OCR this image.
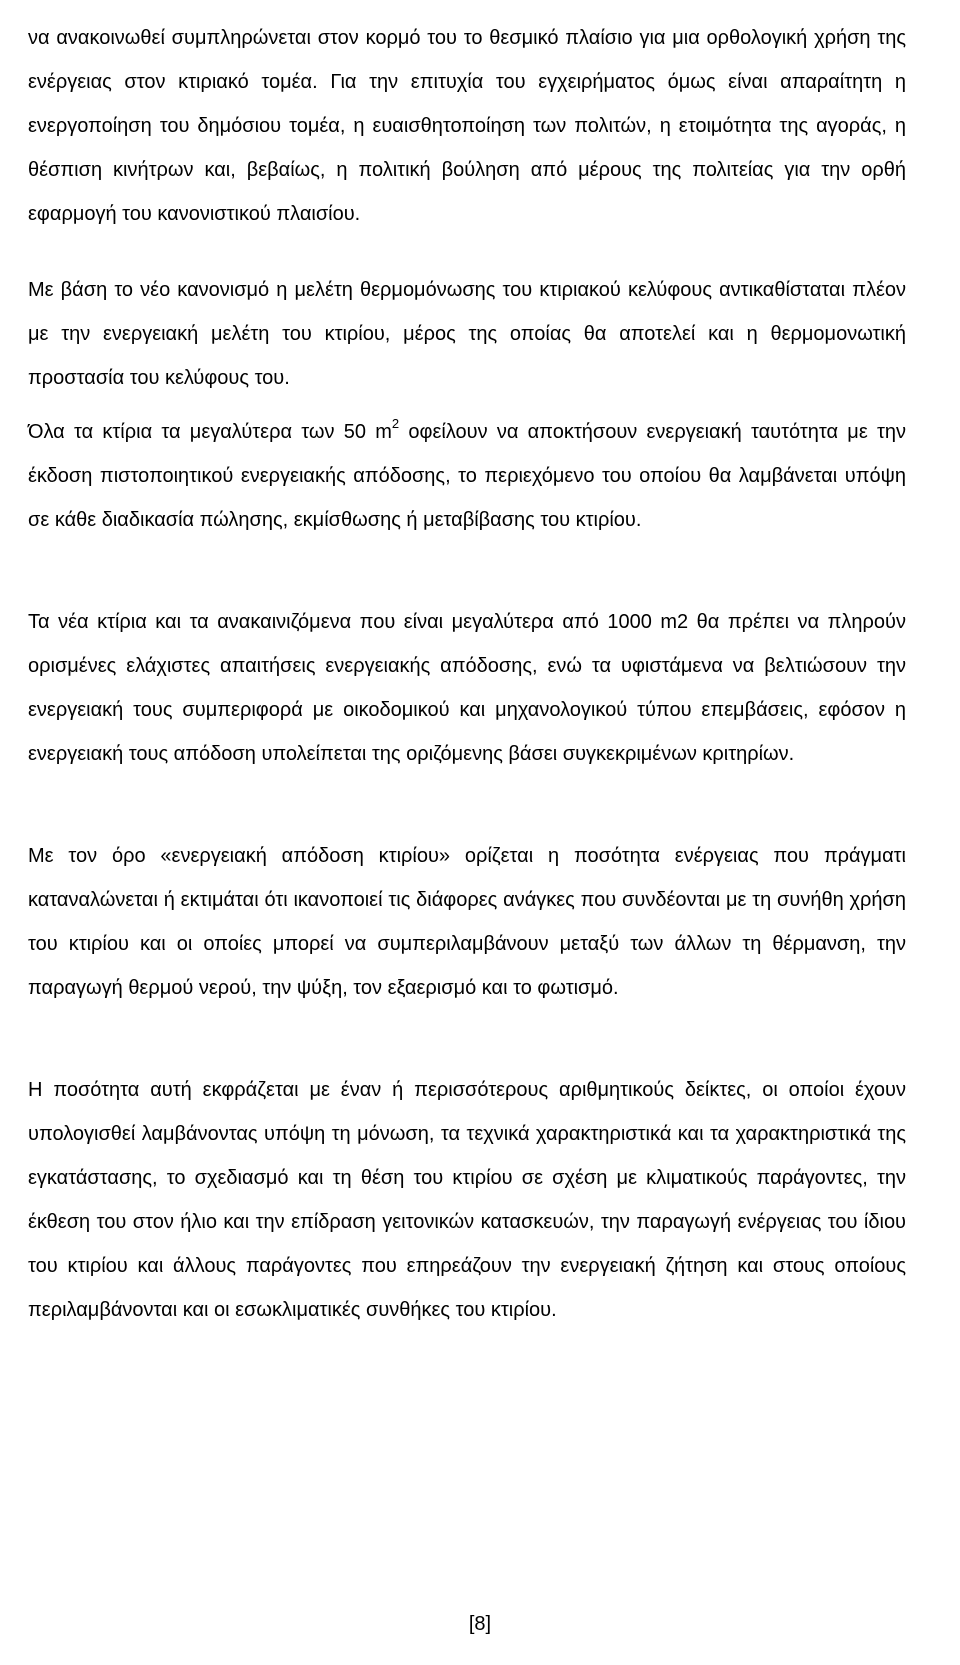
να ανακοινωθεί συμπληρώνεται στον κορμό του το θεσμικό πλαίσιο για μια ορθολογική χρήση της ενέργειας στον κτιριακό τομέα. Για την επιτυχία του εγχειρήματος όμως είναι απαραίτητη η ενεργοποίηση του δημόσιου τομέα, η ευαισθητοποίηση των πολιτών, η ετοιμότητα της αγοράς, η θέσπιση κινήτρων και, βεβαίως, η πολιτική βούληση από μέρους της πολιτείας για την ορθή εφαρμογή του κανονιστικού πλαισίου.

Με βάση το νέο κανονισμό η μελέτη θερμομόνωσης του κτιριακού κελύφους αντικαθίσταται πλέον με την ενεργειακή μελέτη του κτιρίου, μέρος της οποίας θα αποτελεί και η θερμομονωτική προστασία του κελύφους του.

Όλα τα κτίρια τα μεγαλύτερα των 50 $m^2$ οφείλουν να αποκτήσουν ενεργειακή ταυτότητα με την έκδοση πιστοποιητικού ενεργειακής απόδοσης, το περιεχόμενο του οποίου θα λαμβάνεται υπόψη σε κάθε διαδικασία πώλησης, εκμίσθωσης ή μεταβίβασης του κτιρίου.

Τα νέα κτίρια και τα ανακαινιζόμενα που είναι μεγαλύτερα από 1000 m2 θα πρέπει να πληρούν ορισμένες ελάχιστες απαιτήσεις ενεργειακής απόδοσης, ενώ τα υφιστάμενα να βελτιώσουν την ενεργειακή τους συμπεριφορά με οικοδομικού και μηχανολογικού τύπου επεμβάσεις, εφόσον η ενεργειακή τους απόδοση υπολείπεται της οριζόμενης βάσει συγκεκριμένων κριτηρίων.

Με τον όρο «ενεργειακή απόδοση κτιρίου» ορίζεται η ποσότητα ενέργειας που πράγματι καταναλώνεται ή εκτιμάται ότι ικανοποιεί τις διάφορες ανάγκες που συνδέονται με τη συνήθη χρήση του κτιρίου και οι οποίες μπορεί να συμπεριλαμβάνουν μεταξύ των άλλων τη θέρμανση, την παραγωγή θερμού νερού, την ψύξη, τον εξαερισμό και το φωτισμό.

Η ποσότητα αυτή εκφράζεται με έναν ή περισσότερους αριθμητικούς δείκτες, οι οποίοι έχουν υπολογισθεί λαμβάνοντας υπόψη τη μόνωση, τα τεχνικά χαρακτηριστικά και τα χαρακτηριστικά της εγκατάστασης, το σχεδιασμό και τη θέση του κτιρίου σε σχέση με κλιματικούς παράγοντες, την έκθεση του στον ήλιο και την επίδραση γειτονικών κατασκευών, την παραγωγή ενέργειας του ίδιου του κτιρίου και άλλους παράγοντες που επηρεάζουν την ενεργειακή ζήτηση και στους οποίους περιλαμβάνονται και οι εσωκλιματικές συνθήκες του κτιρίου.

[8]
